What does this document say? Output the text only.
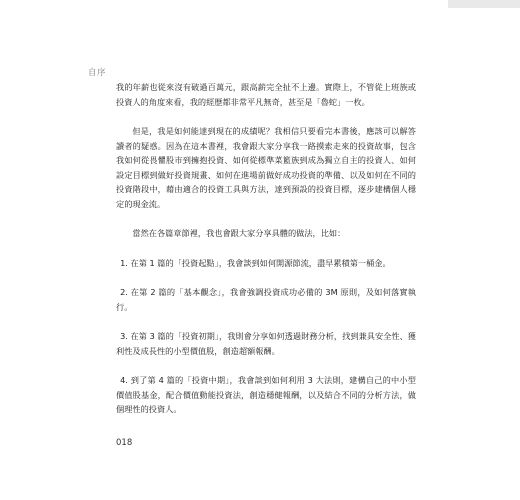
自序

我的年薪也從來沒有破過百萬元，跟高薪完全扯不上邊。實際上，不管從上班族或投資人的角度來看，我的經歷都非常平凡無奇，甚至是「魯蛇」一枚。

但是，我是如何能達到現在的成績呢？我相信只要看完本書後，應該可以解答讀者的疑惑。因為在這本書裡，我會跟大家分享我一路摸索走來的投資故事，包含我如何從畏懼股市到擁抱投資、如何從標準菜籃族到成為獨立自主的投資人、如何設定目標到做好投資規畫、如何在進場前做好成功投資的準備、以及如何在不同的投資階段中，藉由適合的投資工具與方法，達到預設的投資目標，逐步建構個人穩定的現金流。

當然在各篇章節裡，我也會跟大家分享具體的做法，比如：

1. 在第 1 篇的「投資起點」，我會談到如何開源節流，盡早累積第一桶金。

2. 在第 2 篇的「基本觀念」，我會強調投資成功必備的 3M 原則，及如何落實執行。

3. 在第 3 篇的「投資初期」，我則會分享如何透過財務分析，找到兼具安全性、獲利性及成長性的小型價值股，創造超額報酬。

4. 到了第 4 篇的「投資中期」，我會談到如何利用 3 大法則，建構自己的中小型價值股基金，配合價值動能投資法，創造穩健報酬，以及結合不同的分析方法，做個理性的投資人。

018
